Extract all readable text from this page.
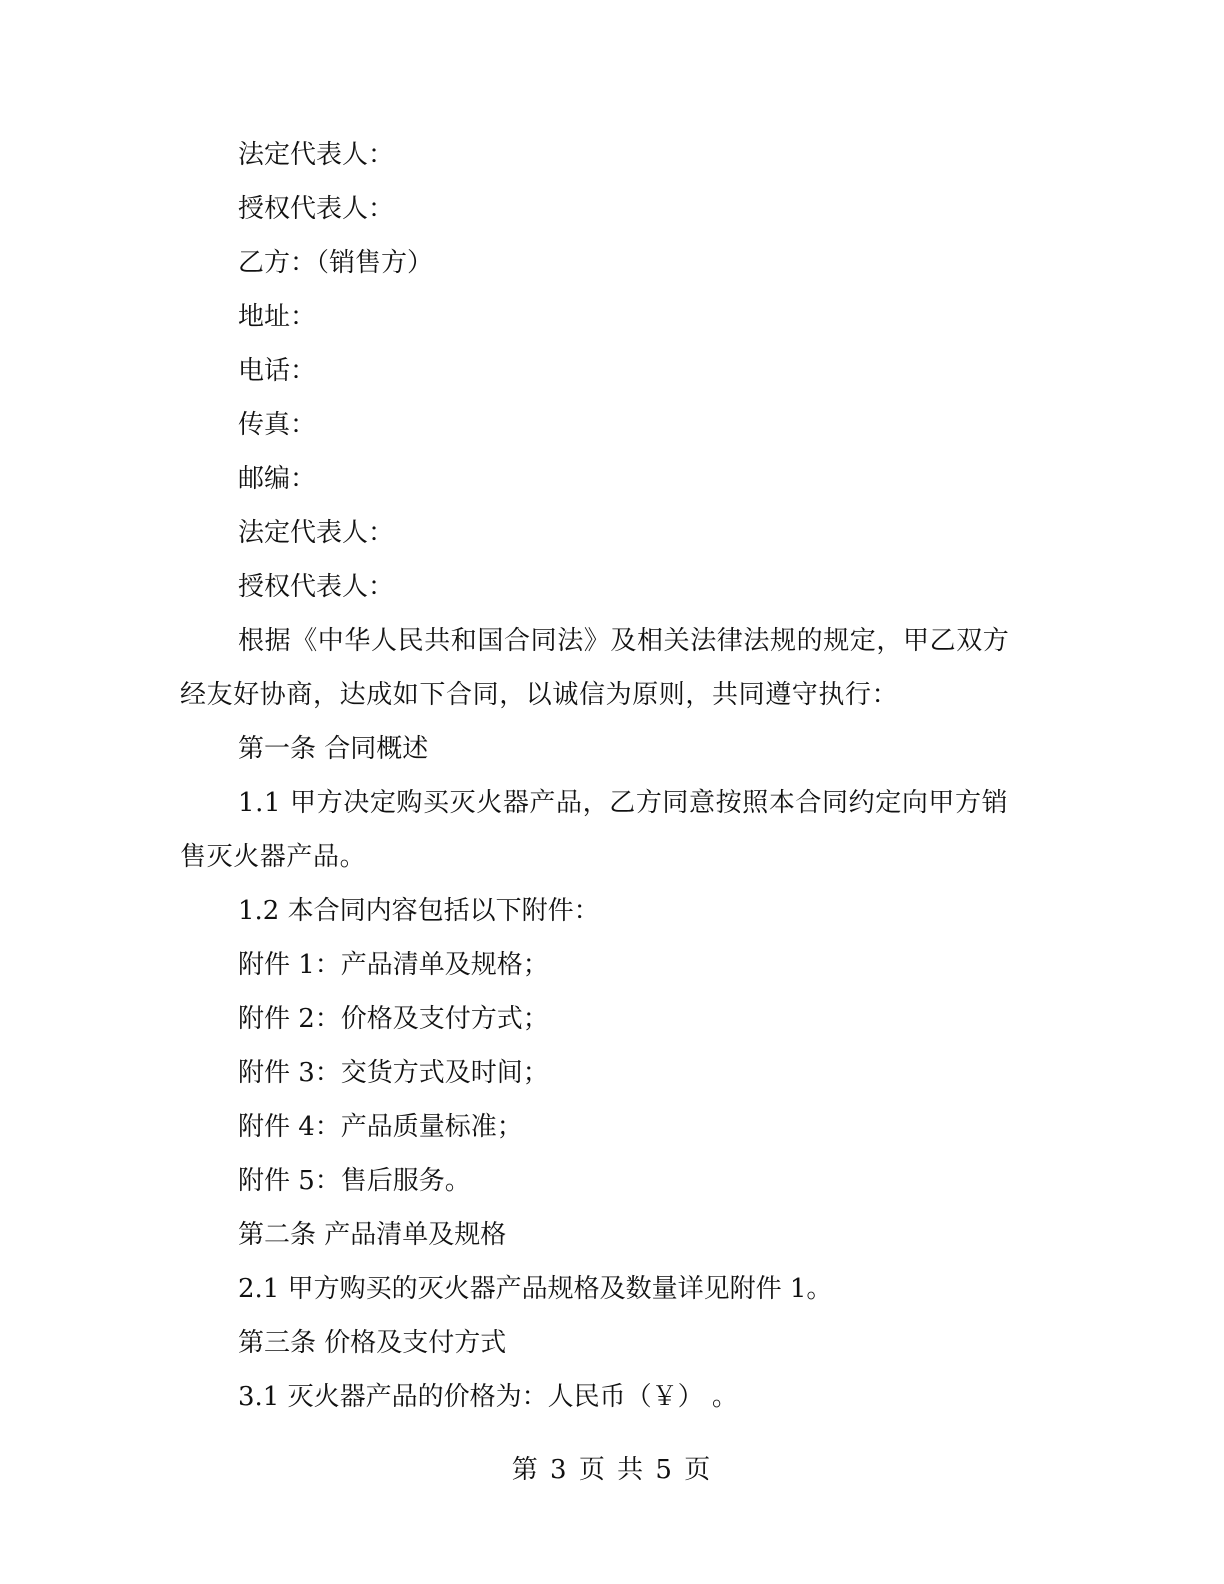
法定代表人：

授权代表人：

乙方：（销售方）

地址：

电话：

传真：

邮编：

法定代表人：

授权代表人：

根据《中华人民共和国合同法》及相关法律法规的规定，甲乙双方经友好协商，达成如下合同，以诚信为原则，共同遵守执行：

第一条 合同概述

1.1 甲方决定购买灭火器产品，乙方同意按照本合同约定向甲方销售灭火器产品。

1.2 本合同内容包括以下附件：

附件 1：产品清单及规格；

附件 2：价格及支付方式；

附件 3：交货方式及时间；

附件 4：产品质量标准；

附件 5：售后服务。

第二条 产品清单及规格

2.1 甲方购买的灭火器产品规格及数量详见附件 1。

第三条 价格及支付方式

3.1 灭火器产品的价格为：人民币（￥） 。

第 3 页 共 5 页
